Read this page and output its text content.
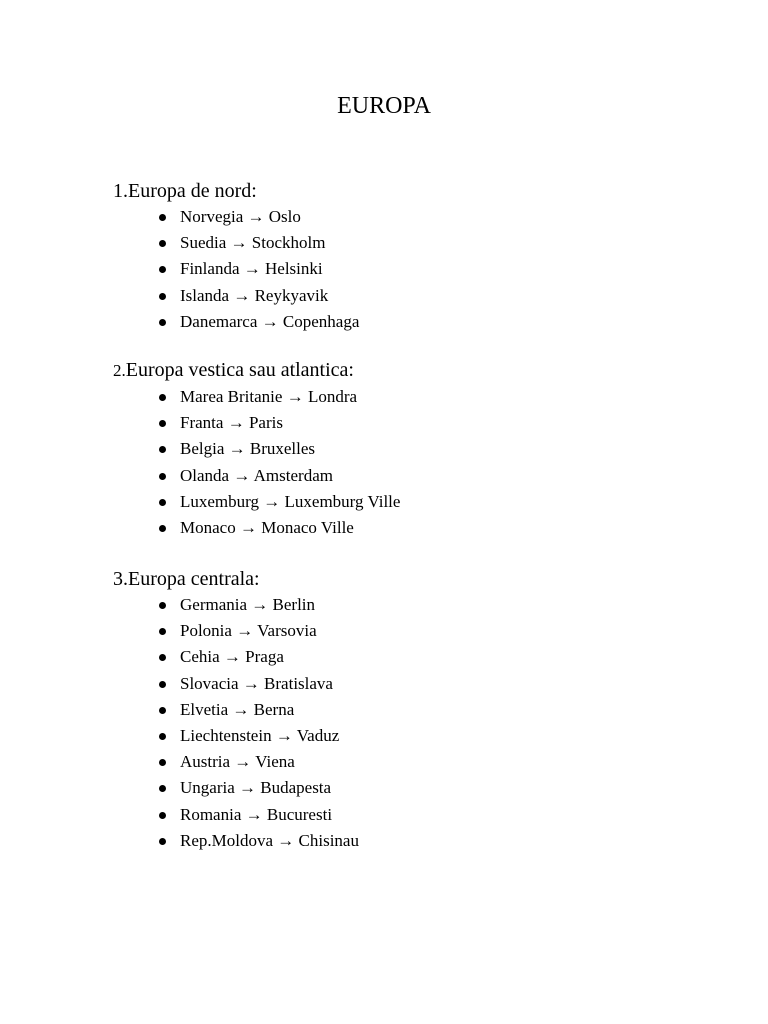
EUROPA
1.Europa de nord:
Norvegia → Oslo
Suedia → Stockholm
Finlanda → Helsinki
Islanda → Reykyavik
Danemarca → Copenhaga
2.Europa vestica sau atlantica:
Marea Britanie → Londra
Franta → Paris
Belgia → Bruxelles
Olanda → Amsterdam
Luxemburg → Luxemburg Ville
Monaco → Monaco Ville
3.Europa centrala:
Germania → Berlin
Polonia → Varsovia
Cehia → Praga
Slovacia → Bratislava
Elvetia → Berna
Liechtenstein → Vaduz
Austria → Viena
Ungaria → Budapesta
Romania → Bucuresti
Rep.Moldova → Chisinau
